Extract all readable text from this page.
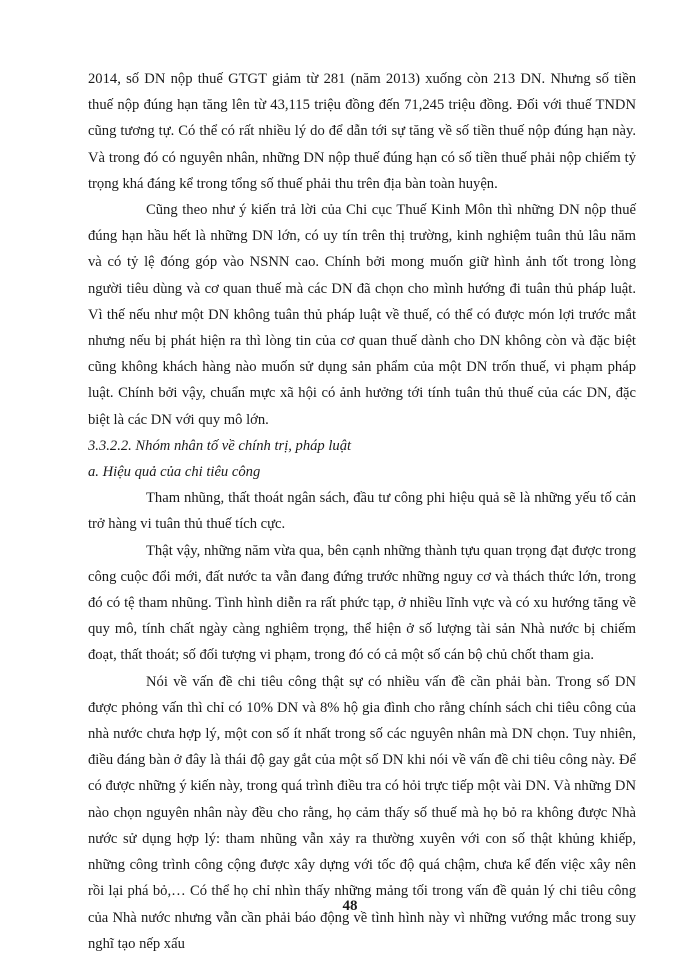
2014, số DN nộp thuế GTGT giảm từ 281 (năm 2013) xuống còn 213 DN. Nhưng số tiền thuế nộp đúng hạn tăng lên từ 43,115 triệu đồng đến 71,245 triệu đồng. Đối với thuế TNDN cũng tương tự. Có thể có rất nhiều lý do để dẫn tới sự tăng về số tiền thuế nộp đúng hạn này. Và trong đó có nguyên nhân, những DN nộp thuế đúng hạn có số tiền thuế phải nộp chiếm tỷ trọng khá đáng kể trong tổng số thuế phải thu trên địa bàn toàn huyện.

Cũng theo như ý kiến trả lời của Chi cục Thuế Kinh Môn thì những DN nộp thuế đúng hạn hầu hết là những DN lớn, có uy tín trên thị trường, kinh nghiệm tuân thủ lâu năm và có tỷ lệ đóng góp vào NSNN cao. Chính bởi mong muốn giữ hình ảnh tốt trong lòng người tiêu dùng và cơ quan thuế mà các DN đã chọn cho mình hướng đi tuân thủ pháp luật. Vì thế nếu như một DN không tuân thủ pháp luật về thuế, có thể có được món lợi trước mắt nhưng nếu bị phát hiện ra thì lòng tin của cơ quan thuế dành cho DN không còn và đặc biệt cũng không khách hàng nào muốn sử dụng sản phẩm của một DN trốn thuế, vi phạm pháp luật. Chính bởi vậy, chuẩn mực xã hội có ảnh hưởng tới tính tuân thủ thuế của các DN, đặc biệt là các DN với quy mô lớn.

3.3.2.2. Nhóm nhân tố về chính trị, pháp luật

a. Hiệu quả của chi tiêu công

Tham nhũng, thất thoát ngân sách, đầu tư công phi hiệu quả sẽ là những yếu tố cản trở hàng vi tuân thủ thuế tích cực.

Thật vậy, những năm vừa qua, bên cạnh những thành tựu quan trọng đạt được trong công cuộc đổi mới, đất nước ta vẫn đang đứng trước những nguy cơ và thách thức lớn, trong đó có tệ tham nhũng. Tình hình diễn ra rất phức tạp, ở nhiều lĩnh vực và có xu hướng tăng về quy mô, tính chất ngày càng nghiêm trọng, thể hiện ở số lượng tài sản Nhà nước bị chiếm đoạt, thất thoát; số đối tượng vi phạm, trong đó có cả một số cán bộ chủ chốt tham gia.

Nói về vấn đề chi tiêu công thật sự có nhiều vấn đề cần phải bàn. Trong số DN được phỏng vấn thì chỉ có 10% DN và 8% hộ gia đình cho rằng chính sách chi tiêu công của nhà nước chưa hợp lý, một con số ít nhất trong số các nguyên nhân mà DN chọn. Tuy nhiên, điều đáng bàn ở đây là thái độ gay gắt của một số DN khi nói về vấn đề chi tiêu công này. Để có được những ý kiến này, trong quá trình điều tra có hỏi trực tiếp một vài DN. Và những DN nào chọn nguyên nhân này đều cho rằng, họ cảm thấy số thuế mà họ bỏ ra không được Nhà nước sử dụng hợp lý: tham nhũng vẫn xảy ra thường xuyên với con số thật khủng khiếp, những công trình công cộng được xây dựng với tốc độ quá chậm, chưa kể đến việc xây nên rồi lại phá bỏ,… Có thể họ chỉ nhìn thấy những mảng tối trong vấn đề quản lý chi tiêu công của Nhà nước nhưng vẫn cần phải báo động về tình hình này vì những vướng mắc trong suy nghĩ tạo nếp xấu

48
